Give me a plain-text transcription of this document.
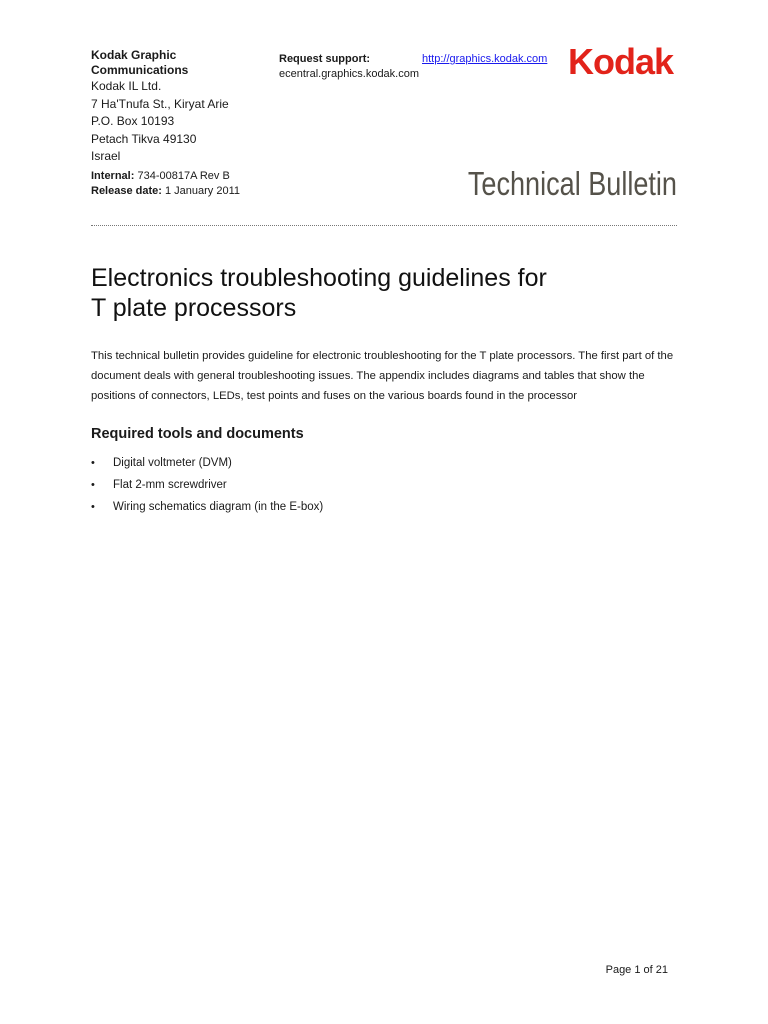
Kodak Graphic Communications
Kodak IL Ltd.
7 Ha'Tnufa St., Kiryat Arie
P.O. Box 10193
Petach Tikva 49130
Israel
Internal: 734-00817A Rev B
Release date: 1 January 2011
Request support:	http://graphics.kodak.com
ecentral.graphics.kodak.com	Kodak
Technical Bulletin
Electronics troubleshooting guidelines for
T plate processors

This technical bulletin provides guideline for electronic troubleshooting for the T plate processors. The first part of the document deals with general troubleshooting issues. The appendix includes diagrams and tables that show the positions of connectors, LEDs, test points and fuses on the various boards found in the processor

Required tools and documents
• Digital voltmeter (DVM)
• Flat 2-mm screwdriver
• Wiring schematics diagram (in the E-box)
Page 1 of 21
